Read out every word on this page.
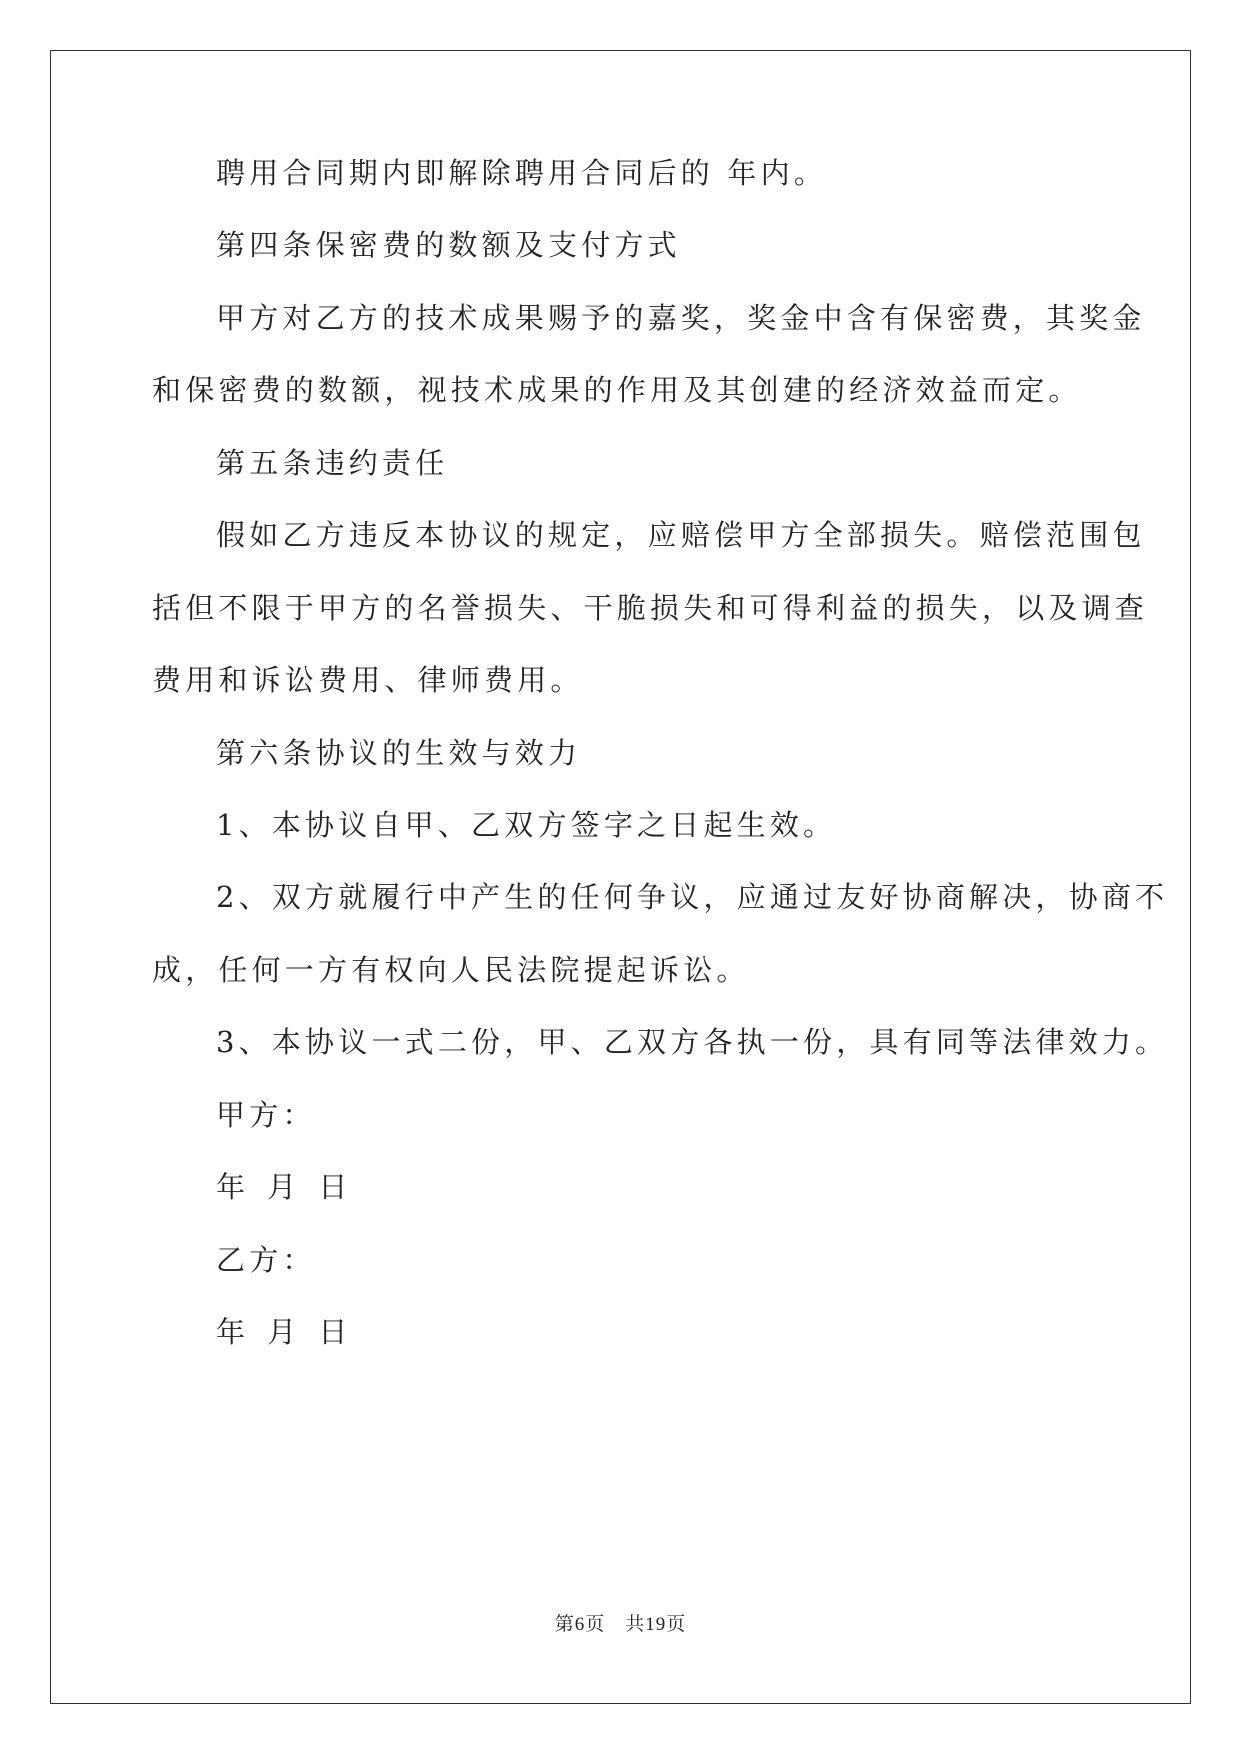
聘用合同期内即解除聘用合同后的 年内。
第四条保密费的数额及支付方式
甲方对乙方的技术成果赐予的嘉奖，奖金中含有保密费，其奖金
和保密费的数额，视技术成果的作用及其创建的经济效益而定。
第五条违约责任
假如乙方违反本协议的规定，应赔偿甲方全部损失。赔偿范围包
括但不限于甲方的名誉损失、干脆损失和可得利益的损失，以及调查
费用和诉讼费用、律师费用。
第六条协议的生效与效力
1、本协议自甲、乙双方签字之日起生效。
2、双方就履行中产生的任何争议，应通过友好协商解决，协商不
成，任何一方有权向人民法院提起诉讼。
3、本协议一式二份，甲、乙双方各执一份，具有同等法律效力。
甲方：
年 月 日
乙方：
年 月 日
第6页 共19页
